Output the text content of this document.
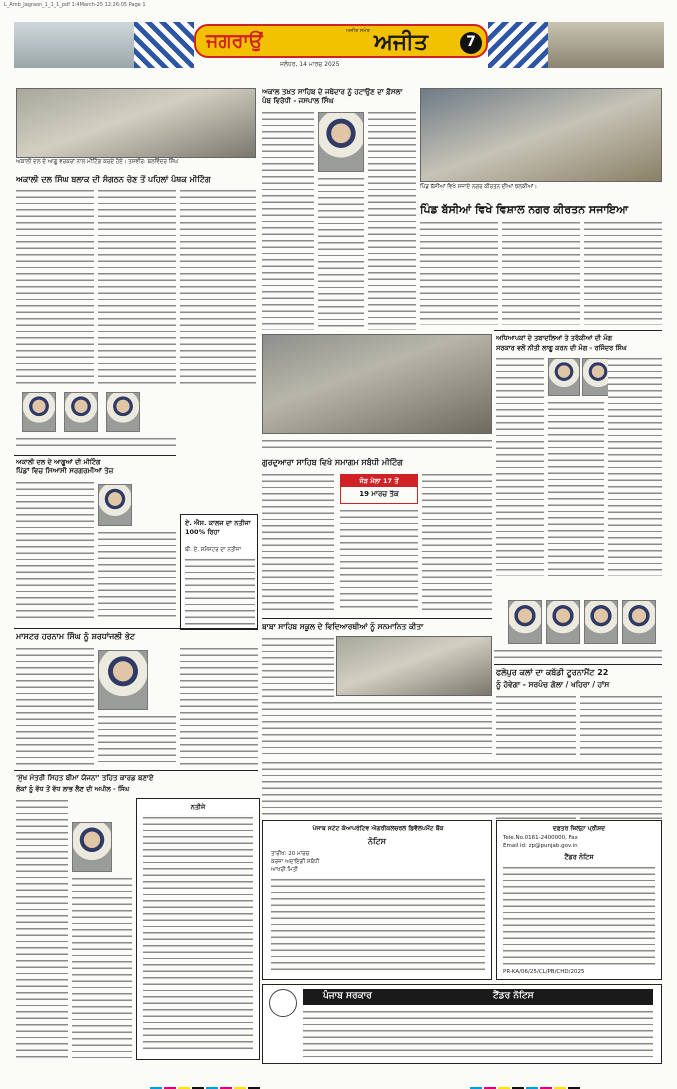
L_Amb_Jagraon_1_1_1_pdf 1:4March-25 12:26:05 Page 1
ਜਗਰਾਉਂ	ਅਜੀਤ ਸਮੇਤ ਅਜੀਤ	7
ਜਲੰਧਰ, 14 ਮਾਰਚ 2025
ਅਕਾਲੀ ਦਲ ਦੇ ਆਗੂ ਵਰਕਰਾਂ ਨਾਲ ਮੀਟਿੰਗ ਕਰਦੇ ਹੋਏ। ਤਸਵੀਰ: ਬਲਵਿੰਦਰ ਸਿੰਘ
ਅਕਾਲੀ ਦਲ ਸਿੰਘ ਬਲਾਕ ਦੀ ਸੰਗਠਨ ਚੋਣ ਤੋਂ ਪਹਿਲਾਂ ਪੰਥਕ ਮੀਟਿੰਗ
ਅਕਾਲੀ ਦਲ ਦੇ ਆਗੂਆਂ ਦੀ ਮੀਟਿੰਗ
ਪਿੰਡਾਂ ਵਿਚ ਸਿਆਸੀ ਸਰਗਰਮੀਆਂ ਤੇਜ਼
ਏ. ਐਸ. ਕਾਲਜ ਦਾ ਨਤੀਜਾ 100% ਰਿਹਾ
ਬੀ. ਏ. ਸਮੈਸਟਰ ਦਾ ਨਤੀਜਾ
ਅਕਾਲ ਤਖ਼ਤ ਸਾਹਿਬ ਦੇ ਜਥੇਦਾਰ ਨੂੰ ਹਟਾਉਣ ਦਾ ਫ਼ੈਸਲਾ ਪੰਥ ਵਿਰੋਧੀ - ਜਸਪਾਲ ਸਿੰਘ
ਪਿੰਡ ਬੱਸੀਆਂ ਵਿਖੇ ਸਜਾਏ ਨਗਰ ਕੀਰਤਨ ਦੀਆਂ ਝਲਕੀਆਂ।
ਪਿੰਡ ਬੱਸੀਆਂ ਵਿਖੇ ਵਿਸ਼ਾਲ ਨਗਰ ਕੀਰਤਨ ਸਜਾਇਆ
ਅਧਿਆਪਕਾਂ ਦੇ ਤਬਾਦਲਿਆਂ ਤੇ ਤਰੱਕੀਆਂ ਦੀ ਮੰਗ
ਸਰਕਾਰ ਵਲੋਂ ਨੀਤੀ ਲਾਗੂ ਕਰਨ ਦੀ ਮੰਗ - ਰਜਿੰਦਰ ਸਿੰਘ
ਗੁਰਦੁਆਰਾ ਸਾਹਿਬ ਵਿਖੇ ਸਮਾਗਮ ਸਬੰਧੀ ਮੀਟਿੰਗ
ਜੋੜ ਮੇਲਾ 17 ਤੋਂ
19 ਮਾਰਚ ਤੱਕ
ਬਾਬਾ ਸਾਹਿਬ ਸਕੂਲ ਦੇ ਵਿਦਿਆਰਥੀਆਂ ਨੂੰ ਸਨਮਾਨਿਤ ਕੀਤਾ
ਮਾਸਟਰ ਹਰਨਾਮ ਸਿੰਘ ਨੂੰ ਸ਼ਰਧਾਂਜਲੀ ਭੇਟ
ਫਲੇਪੁਰ ਕਲਾਂ ਦਾ ਕਬੱਡੀ ਟੂਰਨਾਮੈਂਟ 22
ਨੂੰ ਹੋਵੇਗਾ - ਸਰਪੰਚ ਗੋਲਾ / ਖਹਿਰਾ / ਹਾਂਸ
'ਮੁੱਖ ਮੰਤਰੀ ਸਿਹਤ ਬੀਮਾ ਯੋਜਨਾ' ਤਹਿਤ ਕਾਰਡ ਬਣਾਏ
ਲੋਕਾਂ ਨੂੰ ਵੱਧ ਤੋਂ ਵੱਧ ਲਾਭ ਲੈਣ ਦੀ ਅਪੀਲ - ਸਿੰਘ
ਨਤੀਜੇ
ਪੰਜਾਬ ਸਟੇਟ ਕੋਆਪਰੇਟਿਵ ਐਗਰੀਕਲਚਰਲ ਡਿਵੈਲਪਮੈਂਟ ਬੈਂਕ
ਨੋਟਿਸ
ਤਾਰੀਖ: 20 ਮਾਰਚ
ਕਰਜ਼ਾ ਅਦਾਇਗੀ ਸਬੰਧੀ
ਆਖਰੀ ਮਿਤੀ
ਦਫ਼ਤਰ ਜ਼ਿਲ੍ਹਾ ਪ੍ਰੀਸ਼ਦ
Tele.No.0161-2400000, Fax
Email id: zp@punjab.gov.in
ਟੈਂਡਰ ਨੋਟਿਸ
PR-KA/06/25/CL/PB/CHD/2025
ਪੰਜਾਬ ਸਰਕਾਰ	ਟੈਂਡਰ ਨੋਟਿਸ
